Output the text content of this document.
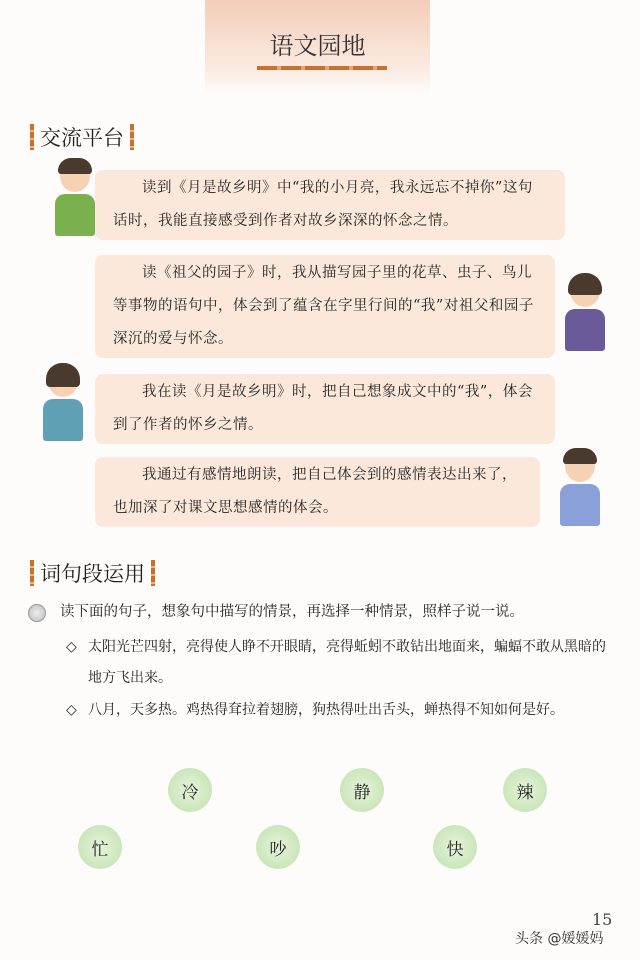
语文园地
交流平台
读到《月是故乡明》中“我的小月亮，我永远忘不掉你”这句话时，我能直接感受到作者对故乡深深的怀念之情。
读《祖父的园子》时，我从描写园子里的花草、虫子、鸟儿等事物的语句中，体会到了蕴含在字里行间的“我”对祖父和园子深沉的爱与怀念。
我在读《月是故乡明》时，把自己想象成文中的“我”，体会到了作者的怀乡之情。
我通过有感情地朗读，把自己体会到的感情表达出来了，也加深了对课文思想感情的体会。
词句段运用
读下面的句子，想象句中描写的情景，再选择一种情景，照样子说一说。
◇ 太阳光芒四射，亮得使人睁不开眼睛，亮得蚯蚓不敢钻出地面来，蝙蝠不敢从黑暗的地方飞出来。
◇ 八月，天多热。鸡热得耷拉着翅膀，狗热得吐出舌头，蝉热得不知如何是好。
冷	静	辣
忙	吵	快
15
头条 @媛媛妈
